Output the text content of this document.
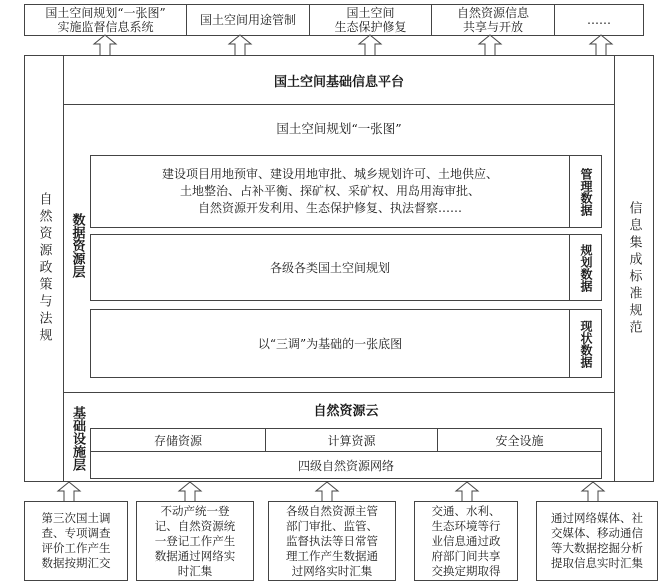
国土空间规划“一张图”
实施监督信息系统	国土空间用途管制	国土空间
生态保护修复
自然资源信息
共享与开放	……
自然资源政策与法规	信息集成标准规范
国土空间基础信息平台
国土空间规划“一张图”
数据资源层
建设项目用地预审、建设用地审批、城乡规划许可、土地供应、
土地整治、占补平衡、探矿权、采矿权、用岛用海审批、
自然资源开发利用、生态保护修复、执法督察……	管理数据
各级各类国土空间规划	规划数据
以“三调”为基础的一张底图	现状数据
基础设施层	自然资源云
存储资源	计算资源	安全设施
四级自然资源网络
第三次国土调
查、专项调查
评价工作产生
数据按期汇交
不动产统一登
记、自然资源统
一登记工作产生
数据通过网络实
时汇集
各级自然资源主管
部门审批、监管、
监督执法等日常管
理工作产生数据通
过网络实时汇集
交通、水利、
生态环境等行
业信息通过政
府部门间共享
交换定期取得
通过网络媒体、社
交媒体、移动通信
等大数据挖掘分析
提取信息实时汇集
